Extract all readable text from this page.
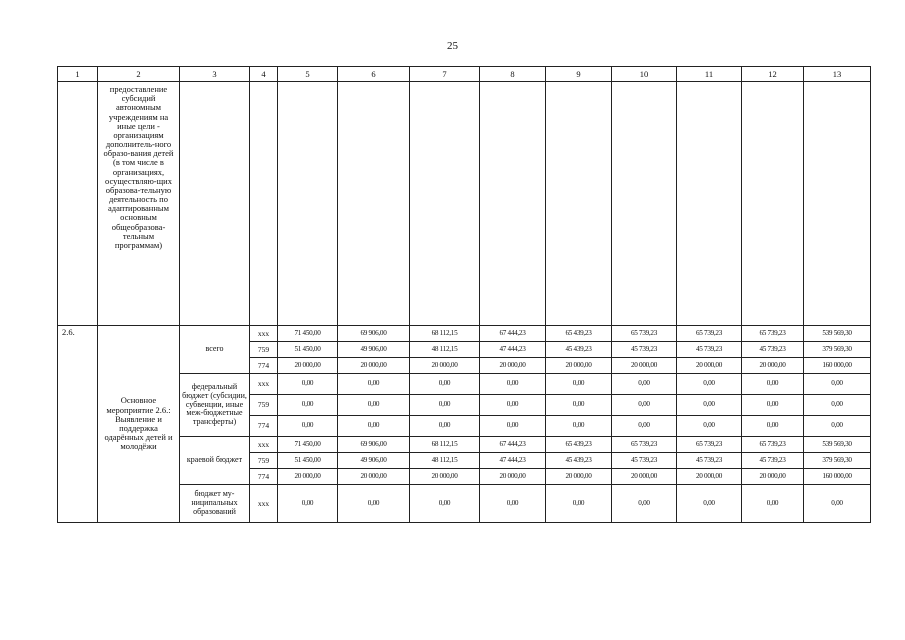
25
1	2	3	4	5	6	7	8	9	10	11	12	13
	предоставление субсидий автономным учреждениям на иные цели - организациям дополнитель-ного образо-вания детей (в том числе в организациях, осуществляю-щих образова-тельную деятельность по адаптированным основным общеобразова-тельным программам)											
2.6.	Основное мероприятие 2.6.: Выявление и поддержка одарённых детей и молодёжи	всего	xxx	71 450,00	69 906,00	68 112,15	67 444,23	65 439,23	65 739,23	65 739,23	65 739,23	539 569,30
			759	51 450,00	49 906,00	48 112,15	47 444,23	45 439,23	45 739,23	45 739,23	45 739,23	379 569,30
			774	20 000,00	20 000,00	20 000,00	20 000,00	20 000,00	20 000,00	20 000,00	20 000,00	160 000,00
		федеральный бюджет (субсидии, субвенции, иные меж-бюджетные трансферты)	xxx	0,00	0,00	0,00	0,00	0,00	0,00	0,00	0,00	0,00
			759	0,00	0,00	0,00	0,00	0,00	0,00	0,00	0,00	0,00
			774	0,00	0,00	0,00	0,00	0,00	0,00	0,00	0,00	0,00
		краевой бюджет	xxx	71 450,00	69 906,00	68 112,15	67 444,23	65 439,23	65 739,23	65 739,23	65 739,23	539 569,30
			759	51 450,00	49 906,00	48 112,15	47 444,23	45 439,23	45 739,23	45 739,23	45 739,23	379 569,30
			774	20 000,00	20 000,00	20 000,00	20 000,00	20 000,00	20 000,00	20 000,00	20 000,00	160 000,00
		бюджет му-ниципальных образований	xxx	0,00	0,00	0,00	0,00	0,00	0,00	0,00	0,00	0,00
